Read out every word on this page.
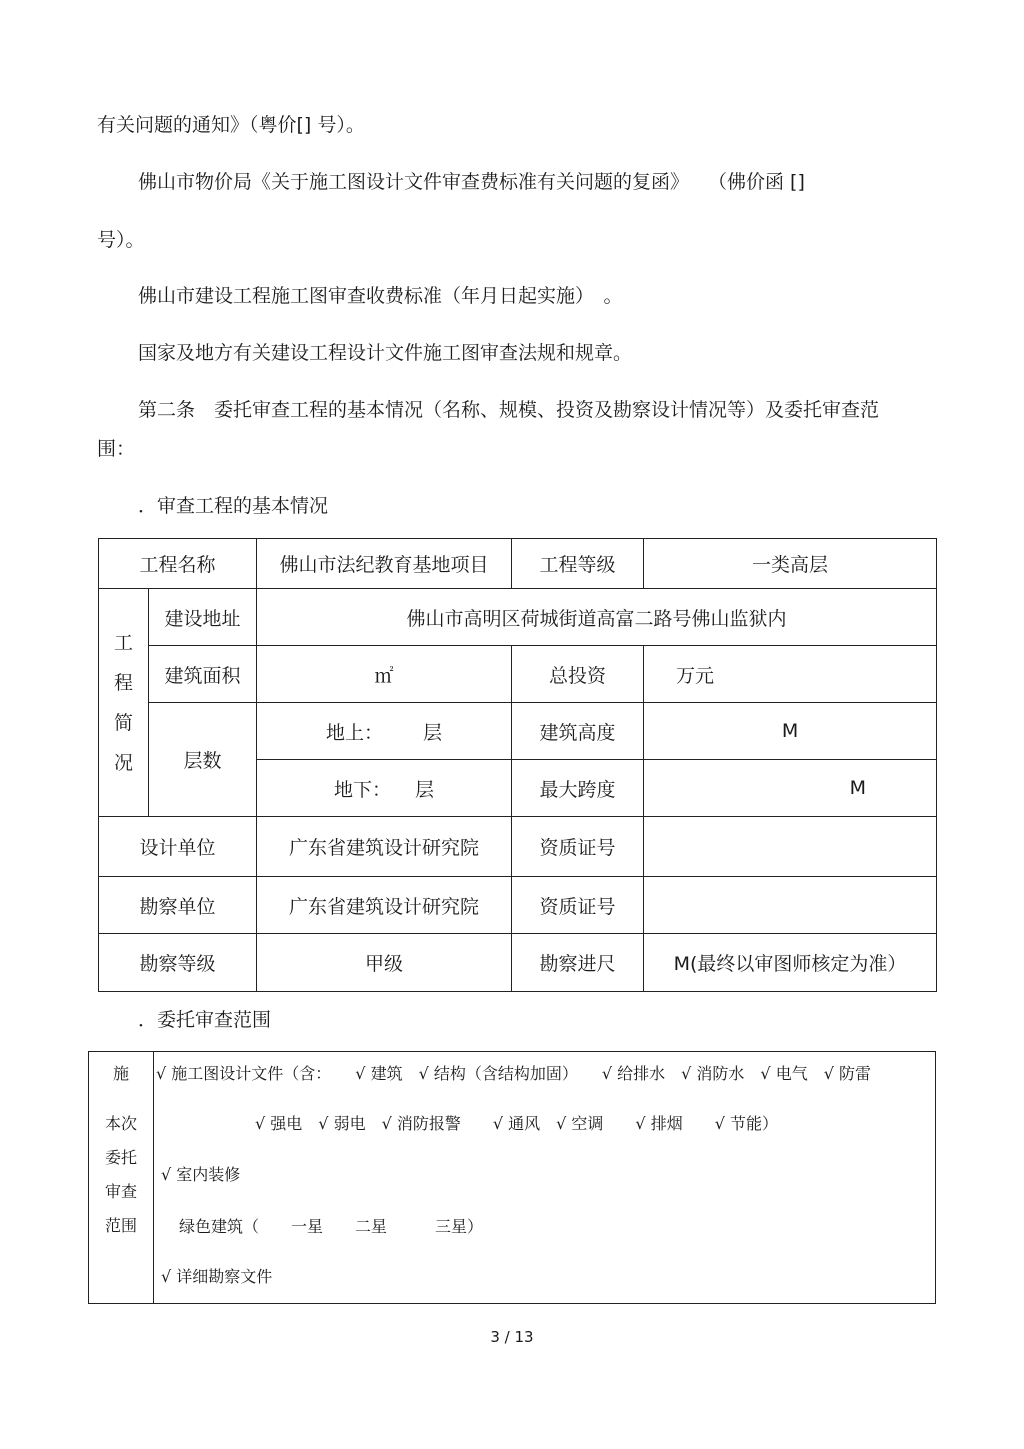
有关问题的通知》（粤价[] 号）。
佛山市物价局《关于施工图设计文件审查费标准有关问题的复函》　　（佛价函 []
号）。
佛山市建设工程施工图审查收费标准（年月日起实施）　。
国家及地方有关建设工程设计文件施工图审查法规和规章。
第二条　委托审查工程的基本情况（名称、规模、投资及勘察设计情况等）及委托审查范
围：
．审查工程的基本情况
工程名称		佛山市法纪教育基地项目	工程等级	一类高层

工
程
简
况	建设地址	佛山市高明区荷城街道高富二路号佛山监狱内		
	建筑面积	㎡	总投资	万元
	层数	地上： 层	建筑高度	M
		地下： 层	最大跨度	M
设计单位		广东省建筑设计研究院	资质证号	
勘察单位		广东省建筑设计研究院	资质证号	
勘察等级		甲级	勘察进尺	M(最终以审图师核定为准）
．委托审查范围
施
本次
委托
审查
范围
√ 施工图设计文件（含：　　√ 建筑　√ 结构（含结构加固）　　√ 给排水　√ 消防水　√ 电气　√ 防雷
√ 强电　√ 弱电　√ 消防报警　　√ 通风　√ 空调　　√ 排烟　　√ 节能）
√ 室内装修
绿色建筑（　　一星　　二星　　　三星）
√ 详细勘察文件
3 / 13
